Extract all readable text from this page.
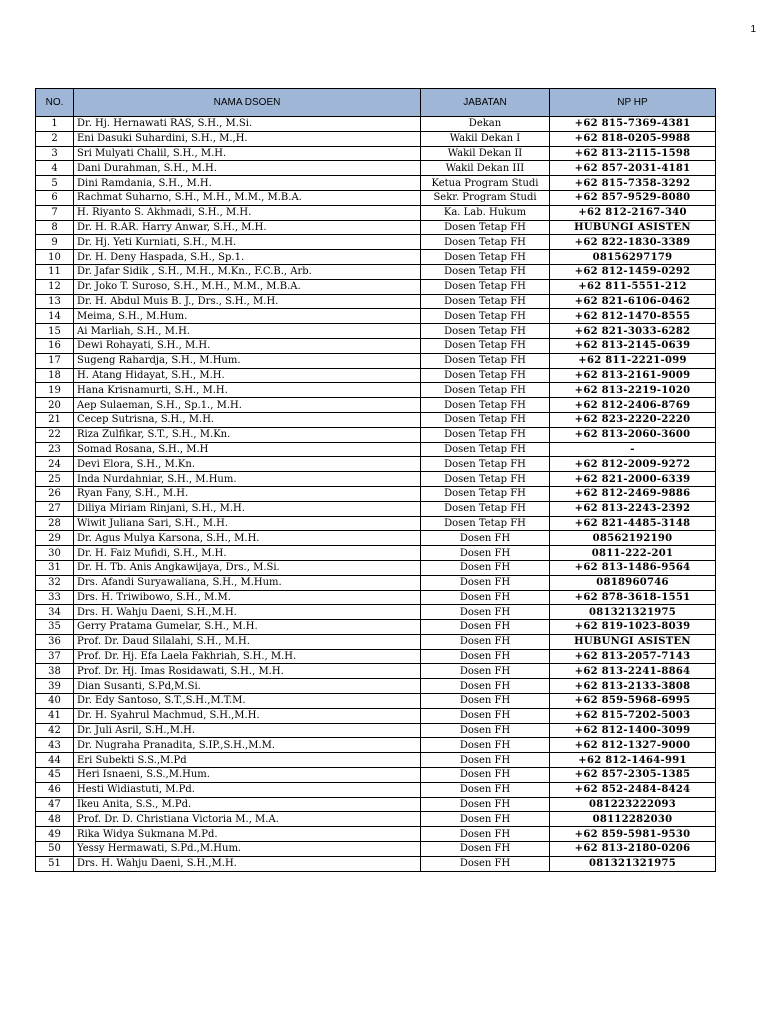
1
NO.	NAMA DSOEN	JABATAN	NP HP
1	Dr. Hj. Hernawati RAS, S.H., M.Si.	Dekan	+62 815-7369-4381
2	Eni Dasuki Suhardini, S.H., M.,H.	Wakil Dekan I	+62 818-0205-9988
3	Sri Mulyati Chalil, S.H., M.H.	Wakil Dekan II	+62 813-2115-1598
4	Dani Durahman, S.H., M.H.	Wakil Dekan III	+62 857-2031-4181
5	Dini Ramdania, S.H., M.H.	Ketua Program Studi	+62 815-7358-3292
6	Rachmat Suharno, S.H., M.H., M.M., M.B.A.	Sekr. Program Studi	+62 857-9529-8080
7	H. Riyanto S. Akhmadi, S.H., M.H.	Ka. Lab. Hukum	+62 812-2167-340
8	Dr. H. R.AR. Harry Anwar, S.H., M.H.	Dosen Tetap FH	HUBUNGI ASISTEN
9	Dr. Hj. Yeti Kurniati, S.H., M.H.	Dosen Tetap FH	+62 822-1830-3389
10	Dr. H. Deny Haspada, S.H., Sp.1.	Dosen Tetap FH	08156297179
11	Dr. Jafar Sidik , S.H., M.H., M.Kn., F.C.B., Arb.	Dosen Tetap FH	+62 812-1459-0292
12	Dr. Joko T. Suroso, S.H., M.H., M.M., M.B.A.	Dosen Tetap FH	+62 811-5551-212
13	Dr. H. Abdul Muis B. J., Drs., S.H., M.H.	Dosen Tetap FH	+62 821-6106-0462
14	Meima, S.H., M.Hum.	Dosen Tetap FH	+62 812-1470-8555
15	Ai Marliah, S.H., M.H.	Dosen Tetap FH	+62 821-3033-6282
16	Dewi Rohayati, S.H., M.H.	Dosen Tetap FH	+62 813-2145-0639
17	Sugeng Rahardja, S.H., M.Hum.	Dosen Tetap FH	+62 811-2221-099
18	H. Atang Hidayat, S.H., M.H.	Dosen Tetap FH	+62 813-2161-9009
19	Hana Krisnamurti, S.H., M.H.	Dosen Tetap FH	+62 813-2219-1020
20	Aep Sulaeman, S.H., Sp.1., M.H.	Dosen Tetap FH	+62 812-2406-8769
21	Cecep Sutrisna, S.H., M.H.	Dosen Tetap FH	+62 823-2220-2220
22	Riza Zulfikar, S.T., S.H., M.Kn.	Dosen Tetap FH	+62 813-2060-3600
23	Somad Rosana, S.H., M.H	Dosen Tetap FH	-
24	Devi Elora, S.H., M.Kn.	Dosen Tetap FH	+62 812-2009-9272
25	Inda Nurdahniar, S.H., M.Hum.	Dosen Tetap FH	+62 821-2000-6339
26	Ryan Fany, S.H., M.H.	Dosen Tetap FH	+62 812-2469-9886
27	Diliya Miriam Rinjani, S.H., M.H.	Dosen Tetap FH	+62 813-2243-2392
28	Wiwit Juliana Sari, S.H., M.H.	Dosen Tetap FH	+62 821-4485-3148
29	Dr. Agus Mulya Karsona, S.H., M.H.	Dosen FH	08562192190
30	Dr. H. Faiz Mufidi, S.H., M.H.	Dosen FH	0811-222-201
31	Dr. H. Tb. Anis Angkawijaya, Drs., M.Si.	Dosen FH	+62 813-1486-9564
32	Drs. Afandi Suryawaliana, S.H., M.Hum.	Dosen FH	0818960746
33	Drs. H. Triwibowo, S.H., M.M.	Dosen FH	+62 878-3618-1551
34	Drs. H. Wahju Daeni, S.H.,M.H.	Dosen FH	081321321975
35	Gerry Pratama Gumelar, S.H., M.H.	Dosen FH	+62 819-1023-8039
36	Prof. Dr. Daud Silalahi, S.H., M.H.	Dosen FH	HUBUNGI ASISTEN
37	Prof. Dr. Hj. Efa Laela Fakhriah, S.H., M.H.	Dosen FH	+62 813-2057-7143
38	Prof. Dr. Hj. Imas Rosidawati, S.H., M.H.	Dosen FH	+62 813-2241-8864
39	Dian Susanti, S.Pd,M.Si.	Dosen FH	+62 813-2133-3808
40	Dr. Edy Santoso, S.T.,S.H.,M.T.M.	Dosen FH	+62 859-5968-6995
41	Dr. H. Syahrul Machmud, S.H.,M.H.	Dosen FH	+62 815-7202-5003
42	Dr. Juli Asril, S.H.,M.H.	Dosen FH	+62 812-1400-3099
43	Dr. Nugraha Pranadita, S.IP.,S.H.,M.M.	Dosen FH	+62 812-1327-9000
44	Eri Subekti S.S.,M.Pd	Dosen FH	+62 812-1464-991
45	Heri Isnaeni, S.S.,M.Hum.	Dosen FH	+62 857-2305-1385
46	Hesti Widiastuti, M.Pd.	Dosen FH	+62 852-2484-8424
47	Ikeu Anita, S.S., M.Pd.	Dosen FH	081223222093
48	Prof. Dr. D. Christiana Victoria M., M.A.	Dosen FH	08112282030
49	Rika Widya Sukmana M.Pd.	Dosen FH	+62 859-5981-9530
50	Yessy Hermawati, S.Pd.,M.Hum.	Dosen FH	+62 813-2180-0206
51	Drs. H. Wahju Daeni, S.H.,M.H.	Dosen FH	081321321975
